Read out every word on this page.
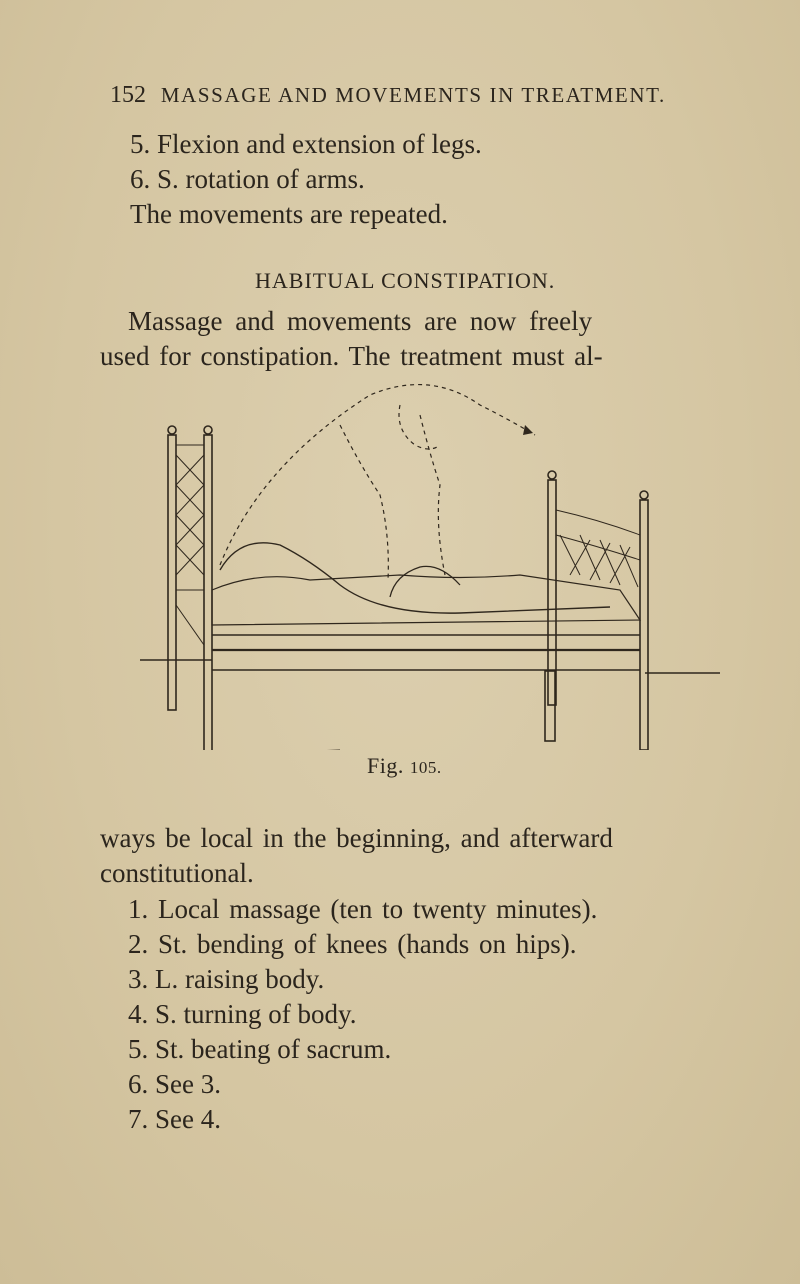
152 MASSAGE AND MOVEMENTS IN TREATMENT.
5. Flexion and extension of legs.
6. S. rotation of arms.
The movements are repeated.
HABITUAL CONSTIPATION.
Massage and movements are now freely
used for constipation. The treatment must al-
Fig. 105.
ways be local in the beginning, and afterward
constitutional.
1. Local massage (ten to twenty minutes).
2. St. bending of knees (hands on hips).
3. L. raising body.
4. S. turning of body.
5. St. beating of sacrum.
6. See 3.
7. See 4.
